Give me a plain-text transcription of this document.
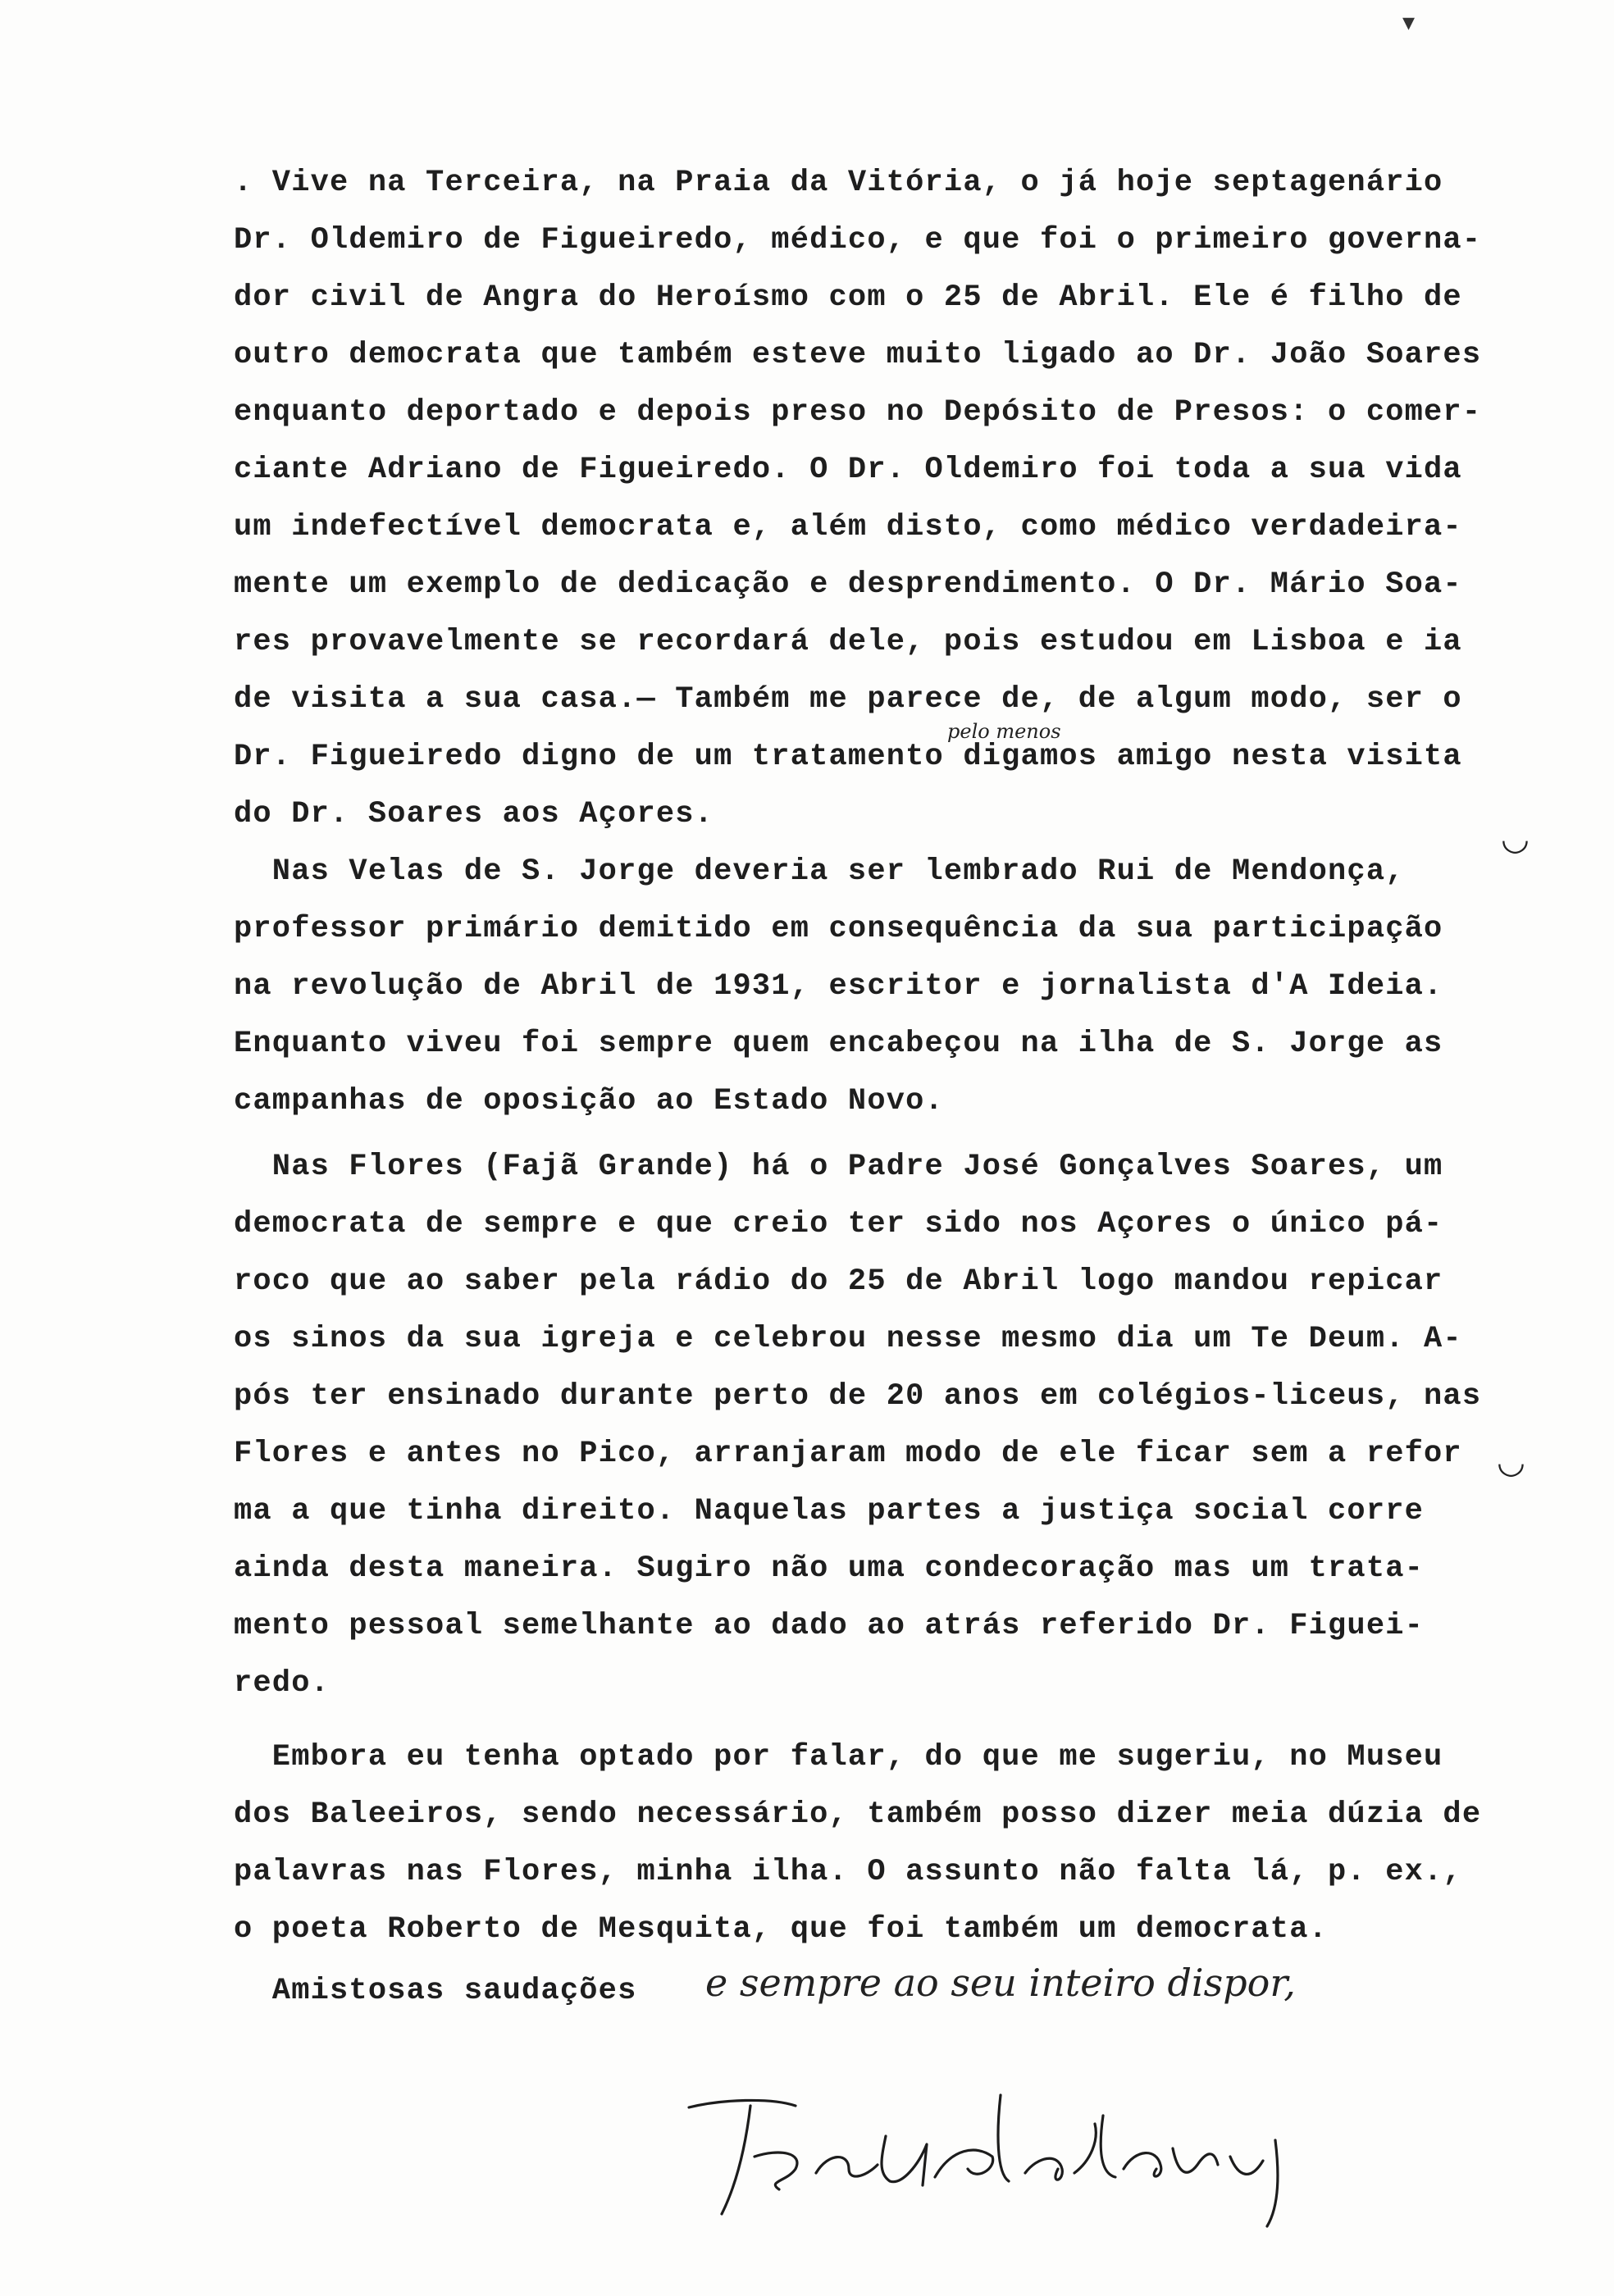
. Vive na Terceira, na Praia da Vitória, o já hoje septagenário
Dr. Oldemiro de Figueiredo, médico, e que foi o primeiro governa-
dor civil de Angra do Heroísmo com o 25 de Abril. Ele é filho de
outro democrata que também esteve muito ligado ao Dr. João Soares
enquanto deportado e depois preso no Depósito de Presos: o comer-
ciante Adriano de Figueiredo. O Dr. Oldemiro foi toda a sua vida
um indefectível democrata e, além disto, como médico verdadeira-
mente um exemplo de dedicação e desprendimento. O Dr. Mário Soa-
res provavelmente se recordará dele, pois estudou em Lisboa e ia
de visita a sua casa.— Também me parece de, de algum modo, ser o
Dr. Figueiredo digno de um tratamento digamos amigo nesta visita
do Dr. Soares aos Açores.
Nas Velas de S. Jorge deveria ser lembrado Rui de Mendonça,
professor primário demitido em consequência da sua participação
na revolução de Abril de 1931, escritor e jornalista d'A Ideia.
Enquanto viveu foi sempre quem encabeçou na ilha de S. Jorge as
campanhas de oposição ao Estado Novo.
Nas Flores (Fajã Grande) há o Padre José Gonçalves Soares, um
democrata de sempre e que creio ter sido nos Açores o único pá-
roco que ao saber pela rádio do 25 de Abril logo mandou repicar
os sinos da sua igreja e celebrou nesse mesmo dia um Te Deum. A-
pós ter ensinado durante perto de 20 anos em colégios-liceus, nas
Flores e antes no Pico, arranjaram modo de ele ficar sem a refor
ma a que tinha direito. Naquelas partes a justiça social corre
ainda desta maneira. Sugiro não uma condecoração mas um trata-
mento pessoal semelhante ao dado ao atrás referido Dr. Figuei-
redo.
Embora eu tenha optado por falar, do que me sugeriu, no Museu
dos Baleeiros, sendo necessário, também posso dizer meia dúzia de
palavras nas Flores, minha ilha. O assunto não falta lá, p. ex.,
o poeta Roberto de Mesquita, que foi também um democrata.
Amistosas saudações
pelo menos
e sempre ao seu inteiro dispor,
▾
◡
◡
